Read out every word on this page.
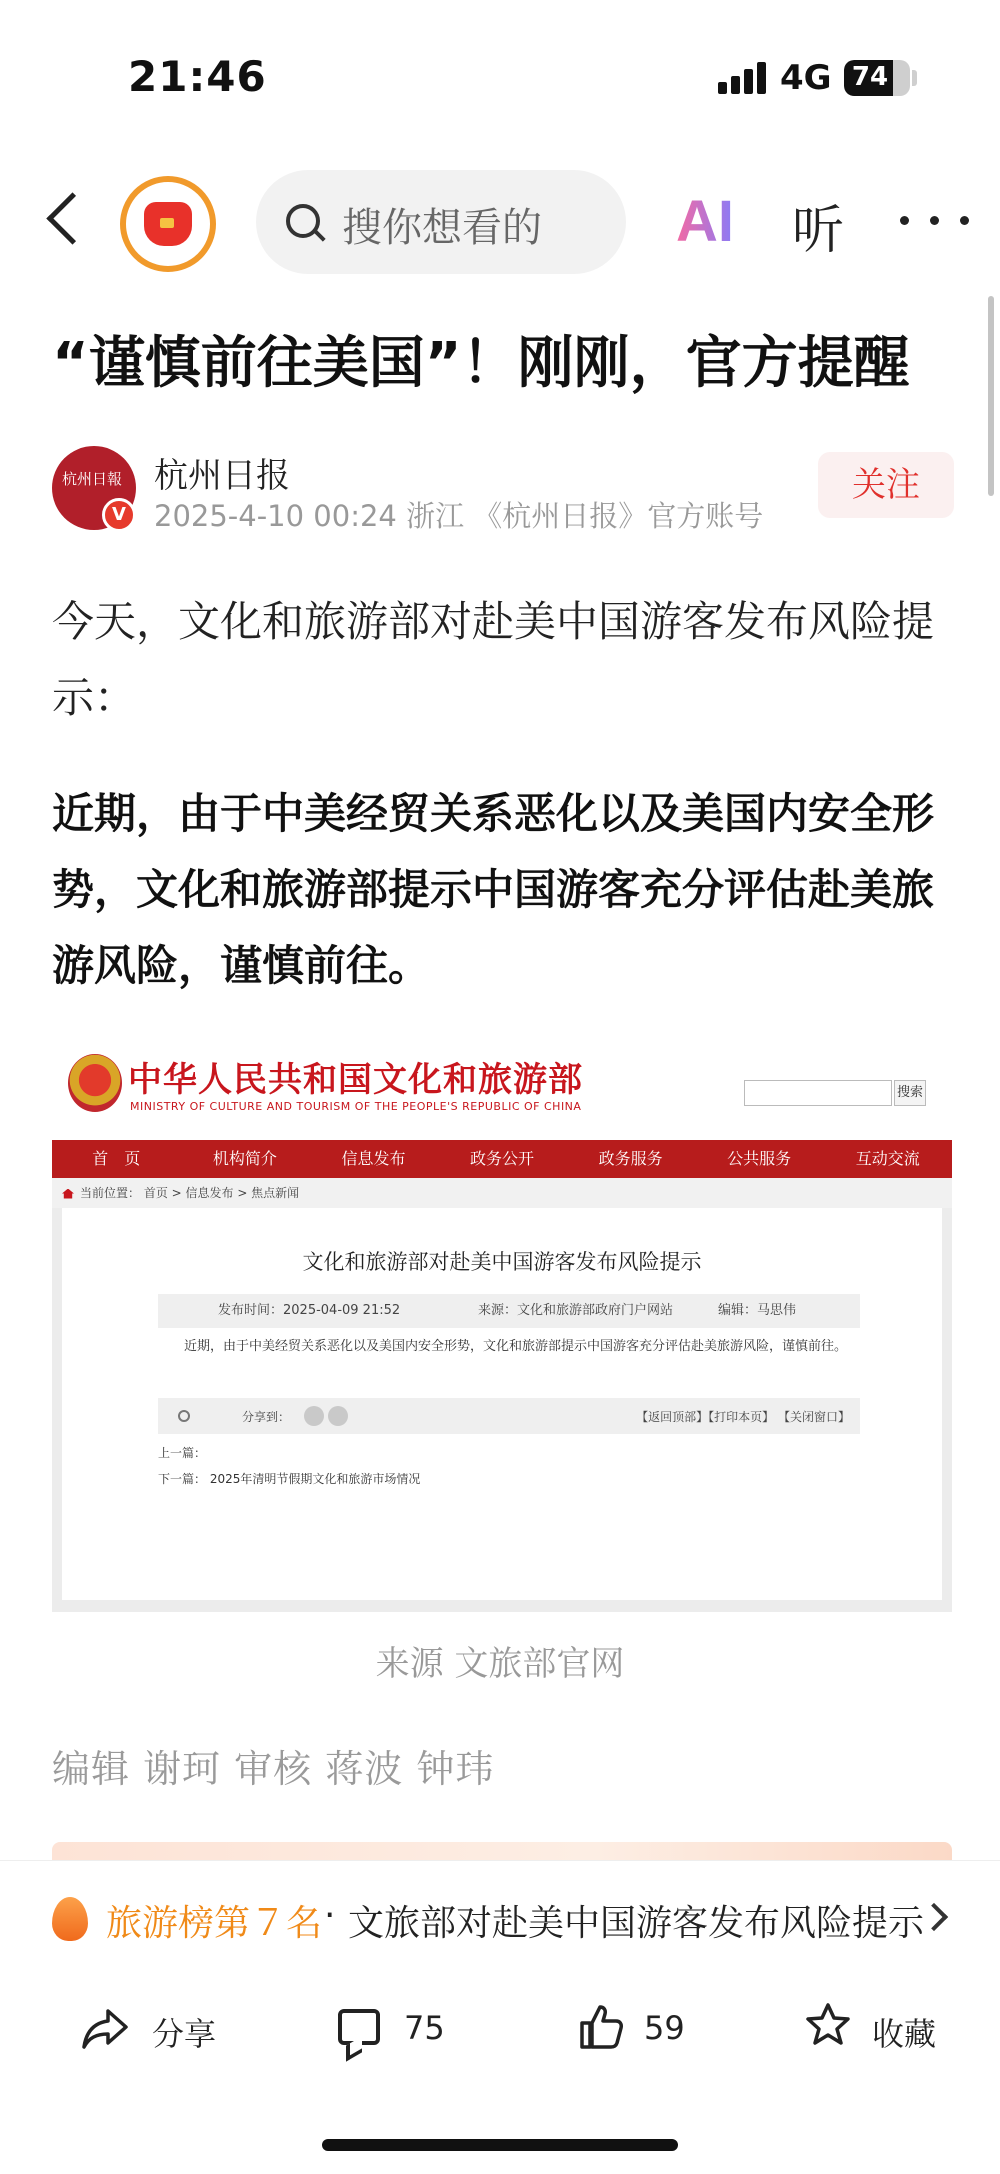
21:46	4G 74
搜你想看的 AI 听
“谨慎前往美国”！刚刚，官方提醒
杭州日報
V
杭州日报
2025-4-10 00:24 浙江 《杭州日报》官方账号
关注
今天，文化和旅游部对赴美中国游客发布风险提示：
近期，由于中美经贸关系恶化以及美国内安全形势，文化和旅游部提示中国游客充分评估赴美旅游风险，谨慎前往。
中华人民共和国文化和旅游部
MINISTRY OF CULTURE AND TOURISM OF THE PEOPLE'S REPUBLIC OF CHINA
搜索
首　页	机构简介	信息发布	政务公开	政务服务	公共服务	互动交流
当前位置： 首页 > 信息发布 > 焦点新闻
文化和旅游部对赴美中国游客发布风险提示
发布时间：2025-04-09 21:52	来源：文化和旅游部政府门户网站	编辑：马思伟
近期，由于中美经贸关系恶化以及美国内安全形势，文化和旅游部提示中国游客充分评估赴美旅游风险，谨慎前往。
分享到：	【返回顶部】【打印本页】 【关闭窗口】
上一篇：
下一篇： 2025年清明节假期文化和旅游市场情况
来源 文旅部官网
编辑 谢珂 审核 蒋波 钟玮
旅游榜第７名 · 文旅部对赴美中国游客发布风险提示
分享	75	59	收藏
